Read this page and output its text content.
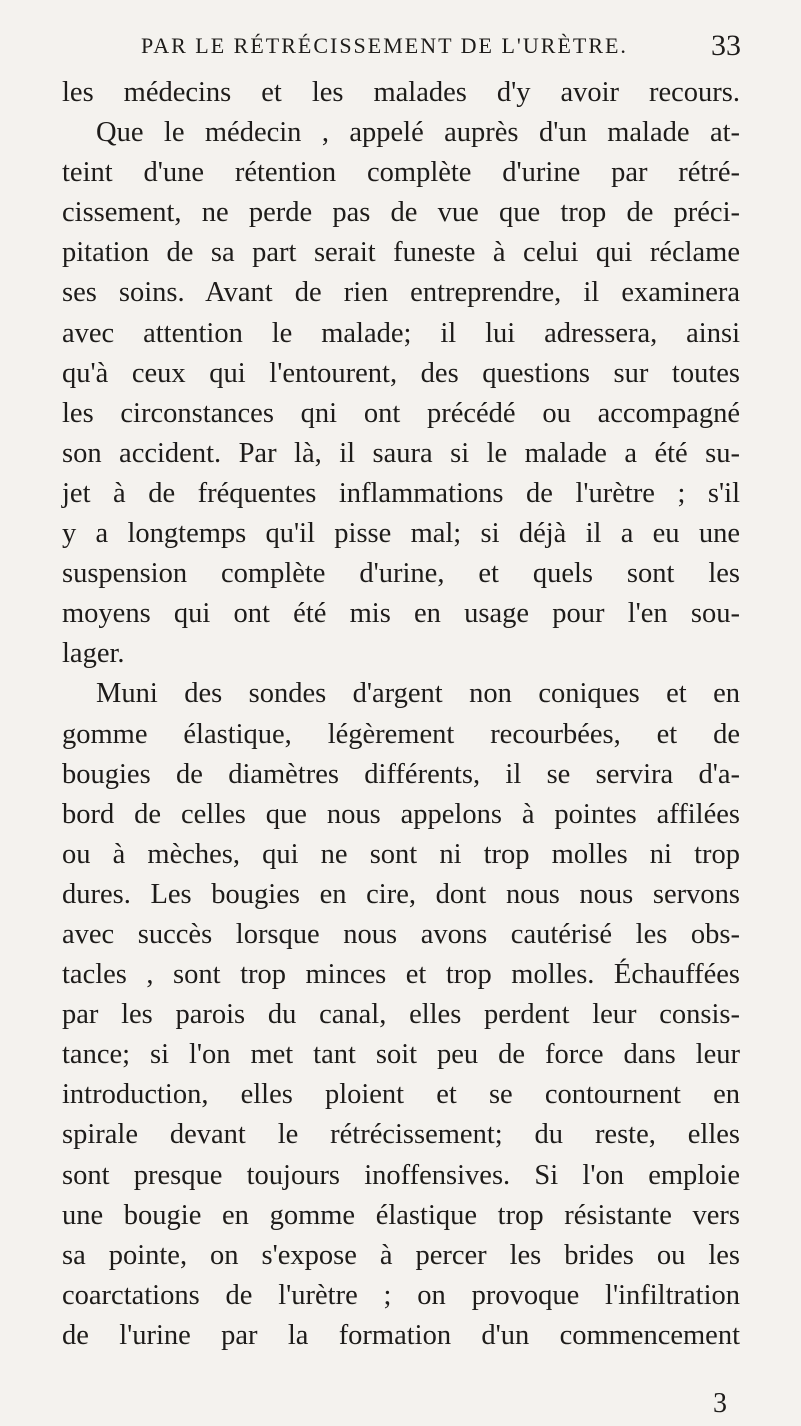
PAR LE RÉTRÉCISSEMENT DE L'URÈTRE.	33
les médecins et les malades d'y avoir recours.
Que le médecin , appelé auprès d'un malade at-
teint d'une rétention complète d'urine par rétré-
cissement, ne perde pas de vue que trop de préci-
pitation de sa part serait funeste à celui qui réclame
ses soins. Avant de rien entreprendre, il examinera
avec attention le malade; il lui adressera, ainsi
qu'à ceux qui l'entourent, des questions sur toutes
les circonstances qni ont précédé ou accompagné
son accident. Par là, il saura si le malade a été su-
jet à de fréquentes inflammations de l'urètre ; s'il
y a longtemps qu'il pisse mal; si déjà il a eu une
suspension complète d'urine, et quels sont les
moyens qui ont été mis en usage pour l'en sou-
lager.
Muni des sondes d'argent non coniques et en
gomme élastique, légèrement recourbées, et de
bougies de diamètres différents, il se servira d'a-
bord de celles que nous appelons à pointes affilées
ou à mèches, qui ne sont ni trop molles ni trop
dures. Les bougies en cire, dont nous nous servons
avec succès lorsque nous avons cautérisé les obs-
tacles , sont trop minces et trop molles. Échauffées
par les parois du canal, elles perdent leur consis-
tance; si l'on met tant soit peu de force dans leur
introduction, elles ploient et se contournent en
spirale devant le rétrécissement; du reste, elles
sont presque toujours inoffensives. Si l'on emploie
une bougie en gomme élastique trop résistante vers
sa pointe, on s'expose à percer les brides ou les
coarctations de l'urètre ; on provoque l'infiltration
de l'urine par la formation d'un commencement
3
